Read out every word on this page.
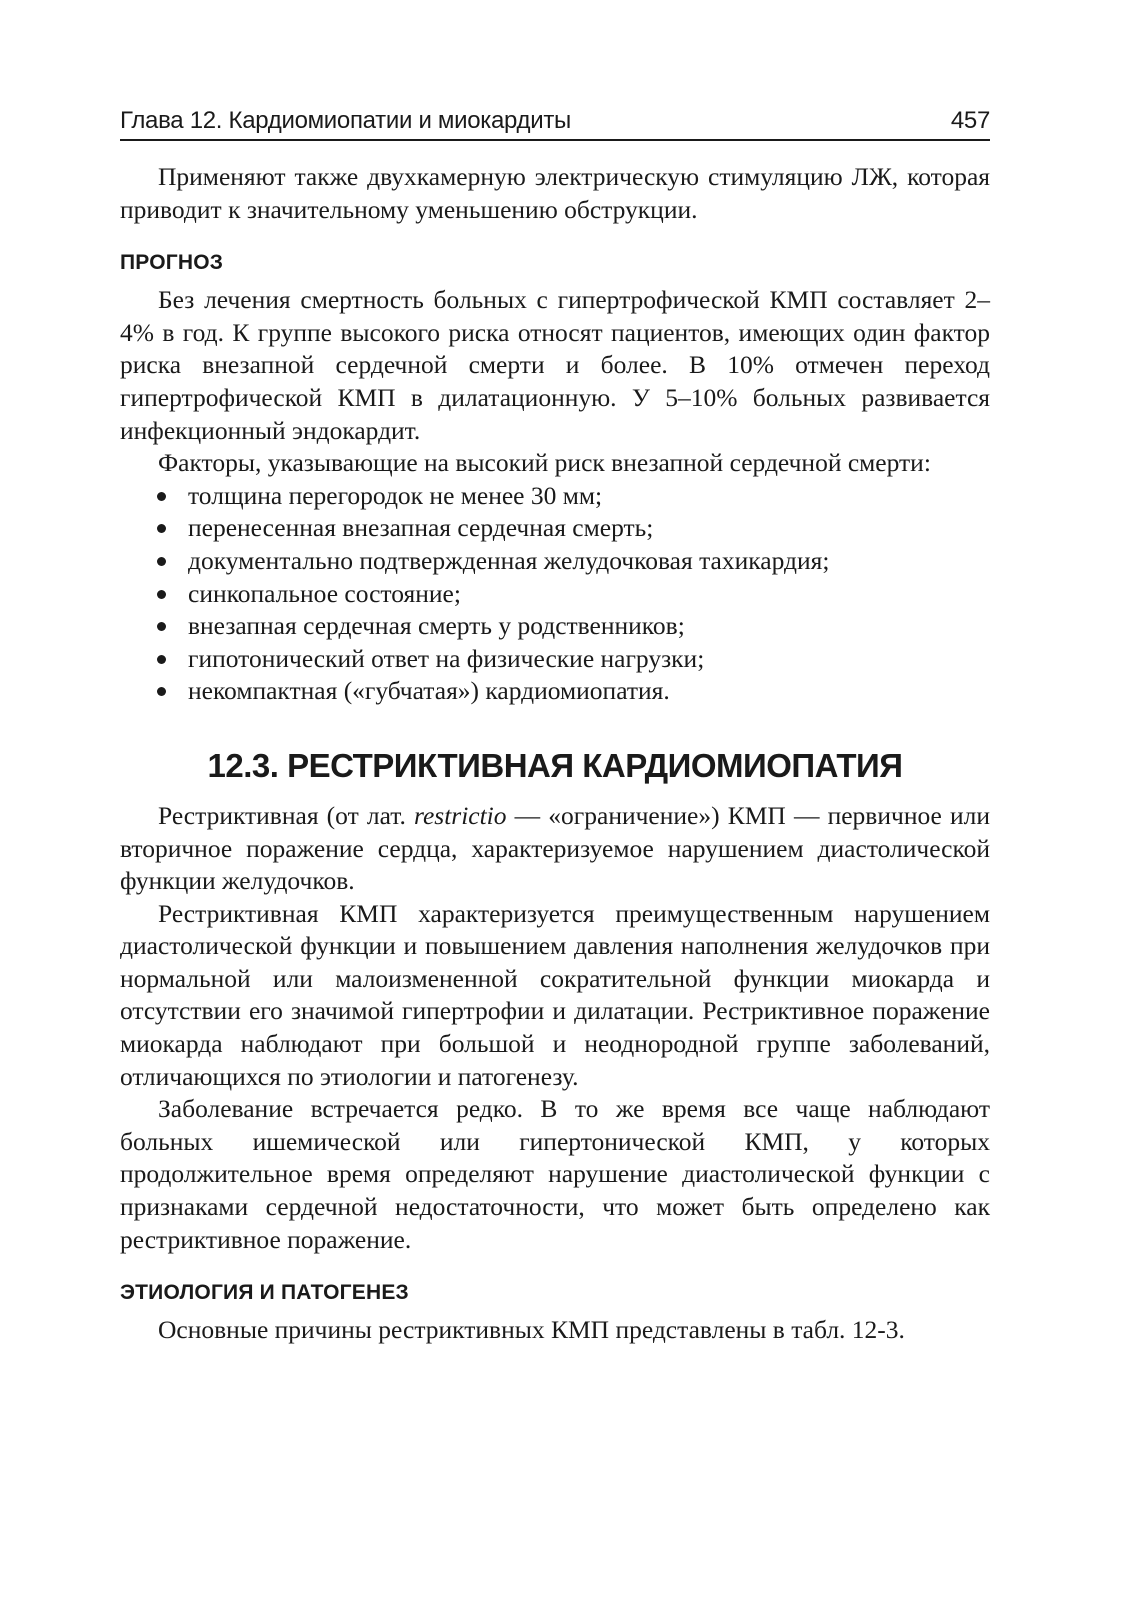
Глава 12. Кардиомиопатии и миокардиты	457

Применяют также двухкамерную электрическую стимуляцию ЛЖ, которая приводит к значительному уменьшению обструкции.

ПРОГНОЗ

Без лечения смертность больных с гипертрофической КМП составляет 2–4% в год. К группе высокого риска относят пациентов, имеющих один фактор риска внезапной сердечной смерти и более. В 10% отмечен переход гипертрофической КМП в дилатационную. У 5–10% больных развивается инфекционный эндокардит.

Факторы, указывающие на высокий риск внезапной сердечной смерти:

толщина перегородок не менее 30 мм;
перенесенная внезапная сердечная смерть;
документально подтвержденная желудочковая тахикардия;
синкопальное состояние;
внезапная сердечная смерть у родственников;
гипотонический ответ на физические нагрузки;
некомпактная («губчатая») кардиомиопатия.
12.3. РЕСТРИКТИВНАЯ КАРДИОМИОПАТИЯ

Рестриктивная (от лат. restrictio — «ограничение») КМП — первичное или вторичное поражение сердца, характеризуемое нарушением диастолической функции желудочков.

Рестриктивная КМП характеризуется преимущественным нарушением диастолической функции и повышением давления наполнения желудочков при нормальной или малоизмененной сократительной функции миокарда и отсутствии его значимой гипертрофии и дилатации. Рестриктивное поражение миокарда наблюдают при большой и неоднородной группе заболеваний, отличающихся по этиологии и патогенезу.

Заболевание встречается редко. В то же время все чаще наблюдают больных ишемической или гипертонической КМП, у которых продолжительное время определяют нарушение диастолической функции с признаками сердечной недостаточности, что может быть определено как рестриктивное поражение.

ЭТИОЛОГИЯ И ПАТОГЕНЕЗ

Основные причины рестриктивных КМП представлены в табл. 12-3.
